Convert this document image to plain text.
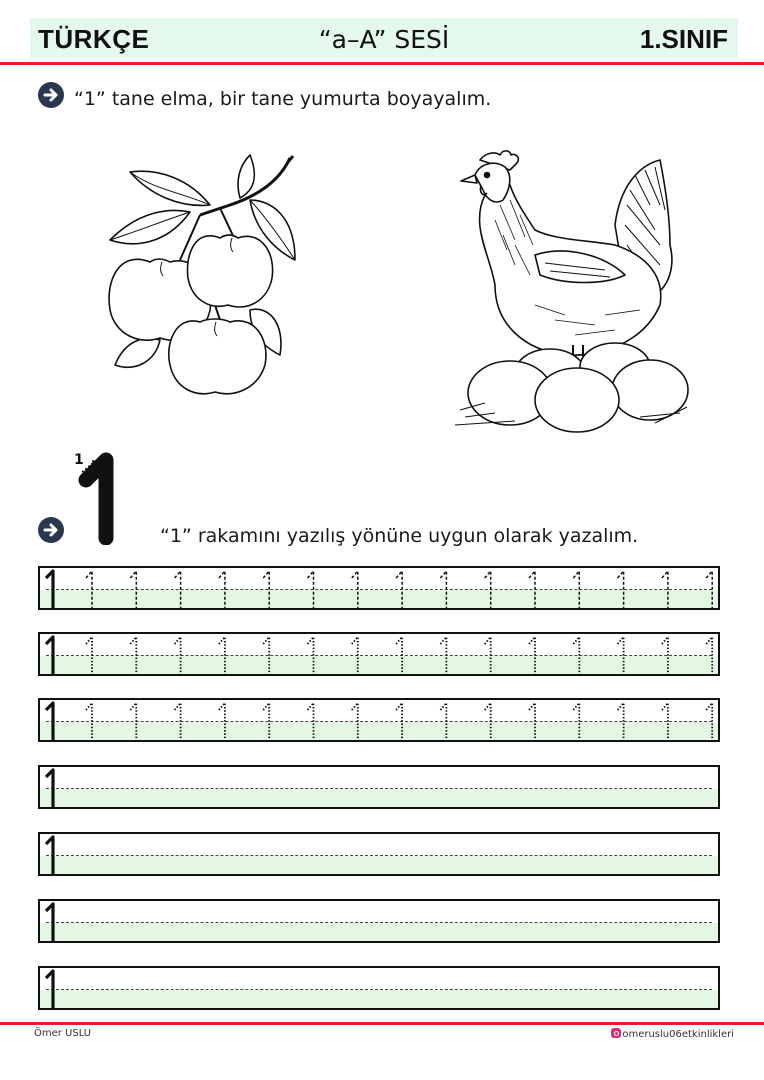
TÜRKÇE	“a–A” SESİ	1.SINIF
“1” tane elma, bir tane yumurta boyayalım.
1
“1” rakamını yazılış yönüne uygun olarak yazalım.
Ömer USLU	omeruslu06etkinlikleri
